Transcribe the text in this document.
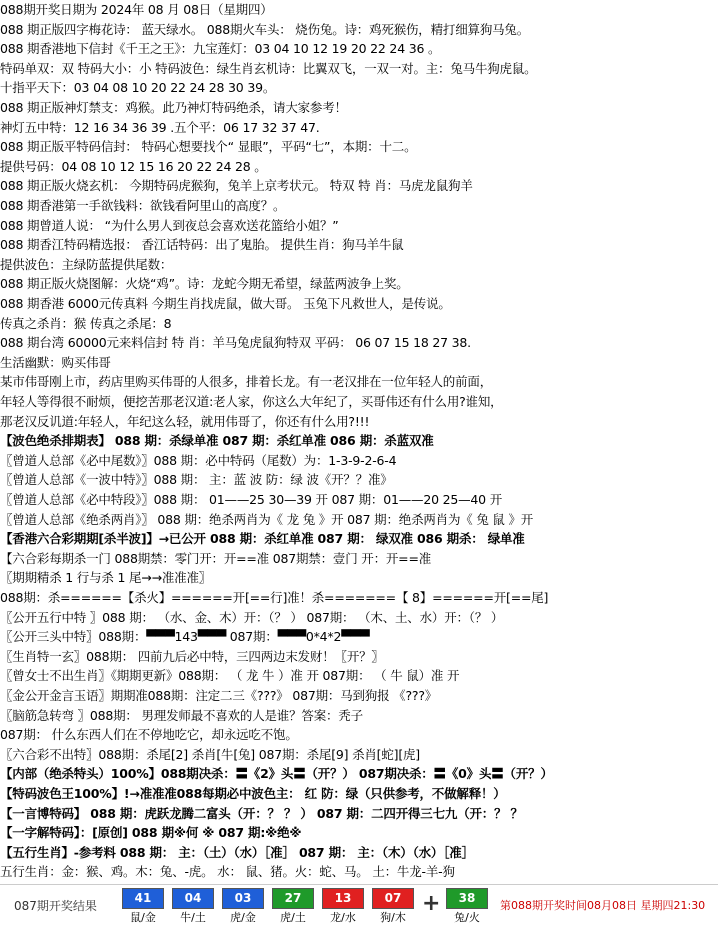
088期开奖日期为 2024年 08 月 08日（星期四）
088 期正版四字梅花诗： 蓝天绿水。 088期火车头： 烧伤兔。诗：鸡死猴伤，精打细算狗马兔。
088 期香港地下信封《千王之王》：九宝莲灯：03 04 10 12 19 20 22 24 36 。
特码单双：双 特码大小：小 特码波色：绿生肖玄机诗：比翼双飞，一双一对。主：兔马牛狗虎鼠。
十指平天下：03 04 08 10 20 22 24 28 30 39。
088 期正版神灯禁支：鸡猴。此乃神灯特码绝杀，请大家参考！
神灯五中特：12 16 34 36 39 .五个平：06 17 32 37 47.
088 期正版平特码信封： 特码心想要找个“ 显眼”，平码“七”，本期：十二。
提供号码：04 08 10 12 15 16 20 22 24 28 。
088 期正版火烧玄机： 今期特码虎猴狗，兔羊上京考状元。 特双 特 肖：马虎龙鼠狗羊
088 期香港第一手欲钱料：欲钱看阿里山的高度？。
088 期曾道人说： “为什么男人到夜总会喜欢送花篮给小姐？”
088 期香江特码精选报： 香江话特码：出了鬼胎。 提供生肖：狗马羊牛鼠
提供波色：主绿防蓝提供尾数：
088 期正版火烧图解：火烧“鸡”。诗：龙蛇今期无希望，绿蓝两波争上奖。
088 期香港 6000元传真料 今期生肖找虎鼠，做大哥。 玉兔下凡救世人，是传说。
传真之杀肖：猴 传真之杀尾：8
088 期台湾 60000元来料信封 特 肖：羊马兔虎鼠狗特双 平码： 06 07 15 18 27 38.
生活幽默：购买伟哥
某市伟哥刚上市，药店里购买伟哥的人很多，排着长龙。有一老汉排在一位年轻人的前面，
年轻人等得很不耐烦，便挖苦那老汉道:老人家，你这么大年纪了，买哥伟还有什么用?谁知，
那老汉反讥道:年轻人，年纪这么轻，就用伟哥了，你还有什么用?!!!
【波色绝杀排期表】 088 期：杀绿单准 087 期：杀红单准 086 期：杀蓝双准
〖曾道人总部《必中尾数》〗088 期：必中特码（尾数）为：1-3-9-2-6-4
〖曾道人总部《一波中特》〗088 期： 主：蓝 波 防：绿 波《开？？准》
〖曾道人总部《必中特段》〗088 期： 01——25 30—39 开 087 期：01——20 25—40 开
〖曾道人总部《绝杀两肖》〗 088 期：绝杀两肖为《 龙 兔 》开 087 期：绝杀两肖为《 兔 鼠 》开
【香港六合彩期期[杀半波]】→已公开 088 期：杀红单准 087 期： 绿双准 086 期杀： 绿单准
【六合彩每期杀一门 088期禁：零门开：开==准 087期禁：壹门 开：开==准
〖期期精杀 1 行与杀 1 尾→→准准准〗
088期：杀======【杀火】======开[==行]准！杀=======【 8】======开[==尾]
〖公开五行中特 〗088 期： （水、金、木）开：（？ ） 087期： （木、土、水）开：（？ ）
〖公开三头中特〗088期：▀▀▀143▀▀▀ 087期：▀▀▀0*4*2▀▀▀
〖生肖特一玄〗088期： 四前九后必中特，三四两边末发财！〖开？〗
〖曾女士不出生肖〗《期期更新》088期： （ 龙 牛 ）准 开 087期： （ 牛 鼠）准 开
〖金公开金言玉语〗期期准088期：注定二三《???》 087期：马到狗报 《???》
〖脑筋急转弯 〗088期： 男理发师最不喜欢的人是谁？答案：秃子
087期： 什么东西人们在不停地吃它，却永远吃不饱。
〖六合彩不出特〗088期：杀尾[2] 杀肖[牛[兔] 087期：杀尾[9] 杀肖[蛇][虎]
【内部（绝杀特头）100%】088期决杀：〓《2》头〓（开？） 087期决杀：〓《0》头〓（开？）
【特码波色王100%】!→准准准088每期必中波色主： 红 防：绿（只供参考，不做解释！）
【一言博特码】 088 期：虎跃龙腾二富头（开：？ ？ ） 087 期：二四开得三七九（开：？ ？
【一字解特码】：[原创] 088 期※何 ※ 087 期:※绝※
【五行生肖】-参考料 088 期： 主：（土）（水）［准］ 087 期： 主：（木）（水）［准］
五行生肖：金：猴、鸡。木：兔、-虎。 水： 鼠、猪。火：蛇、马。 土：牛龙-羊-狗
087期开奖结果
41
鼠/金
04
牛/土
03
虎/金
27
虎/土
13
龙/水
07
狗/木
+	38
兔/火
第088期开奖时间08月08日 星期四21:30
